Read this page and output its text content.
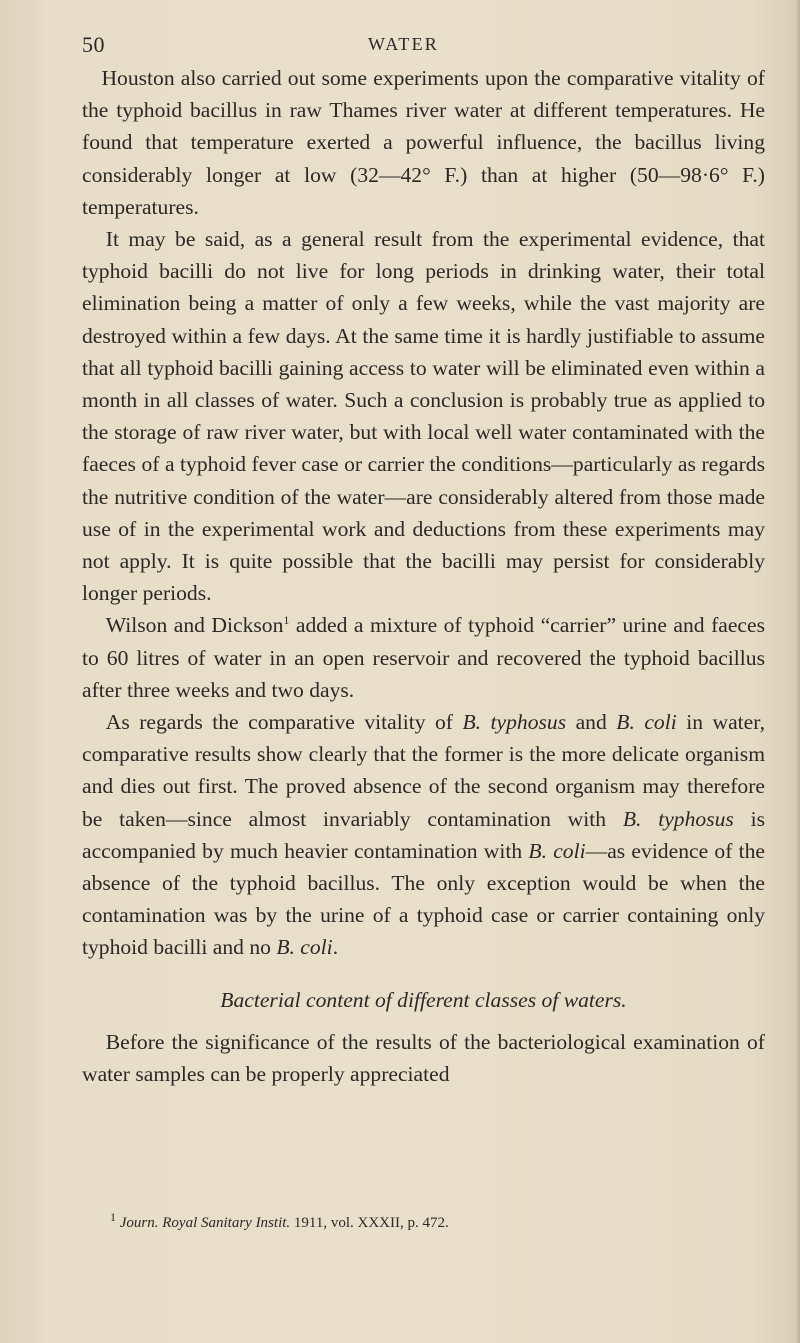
50	WATER

Houston also carried out some experiments upon the comparative vitality of the typhoid bacillus in raw Thames river water at different temperatures. He found that temperature exerted a powerful influence, the bacillus living considerably longer at low (32—42° F.) than at higher (50—98·6° F.) temperatures.

It may be said, as a general result from the experimental evidence, that typhoid bacilli do not live for long periods in drinking water, their total elimination being a matter of only a few weeks, while the vast majority are destroyed within a few days. At the same time it is hardly justifiable to assume that all typhoid bacilli gaining access to water will be eliminated even within a month in all classes of water. Such a conclusion is probably true as applied to the storage of raw river water, but with local well water contaminated with the faeces of a typhoid fever case or carrier the conditions—particularly as regards the nutritive condition of the water—are considerably altered from those made use of in the experimental work and deductions from these experiments may not apply. It is quite possible that the bacilli may persist for considerably longer periods.

Wilson and Dickson$^1$ added a mixture of typhoid “carrier” urine and faeces to 60 litres of water in an open reservoir and recovered the typhoid bacillus after three weeks and two days.

As regards the comparative vitality of B. typhosus and B. coli in water, comparative results show clearly that the former is the more delicate organism and dies out first. The proved absence of the second organism may therefore be taken—since almost invariably contamination with B. typhosus is accompanied by much heavier contamination with B. coli—as evidence of the absence of the typhoid bacillus. The only exception would be when the contamination was by the urine of a typhoid case or carrier containing only typhoid bacilli and no B. coli.

Bacterial content of different classes of waters.

Before the significance of the results of the bacteriological examination of water samples can be properly appreciated

$^1$ Journ. Royal Sanitary Instit. 1911, vol. XXXII, p. 472.
